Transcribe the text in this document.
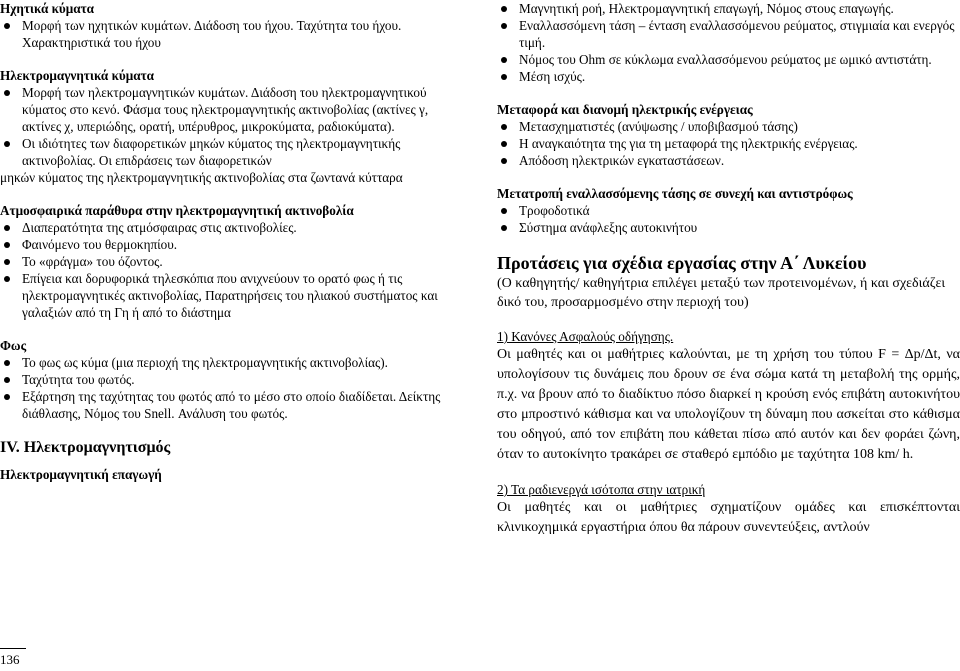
Ηχητικά κύματα

Μορφή των ηχητικών κυμάτων. Διάδοση του ήχου. Ταχύτητα του ήχου. Χαρακτηριστικά του ήχου

Ηλεκτρομαγνητικά κύματα

Μορφή των ηλεκτρομαγνητικών κυμάτων. Διάδοση του ηλεκτρομαγνητικού κύματος στο κενό. Φάσμα τους ηλεκτρομαγνητικής ακτινοβολίας (ακτίνες γ, ακτίνες χ, υπεριώδης, ορατή, υπέρυθρος, μικροκύματα, ραδιοκύματα).
Οι ιδιότητες των διαφορετικών μηκών κύματος της ηλεκτρομαγνητικής ακτινοβολίας. Οι επιδράσεις των διαφορετικών

μηκών κύματος της ηλεκτρομαγνητικής ακτινοβολίας στα ζωντανά κύτταρα

Ατμοσφαιρικά παράθυρα στην ηλεκτρομαγνητική ακτινοβολία

Διαπερατότητα της ατμόσφαιρας στις ακτινοβολίες.
Φαινόμενο του θερμοκηπίου.
Το «φράγμα» του όζοντος.
Επίγεια και δορυφορικά τηλεσκόπια που ανιχνεύουν το ορατό φως ή τις ηλεκτρομαγνητικές ακτινοβολίας, Παρατηρήσεις του ηλιακού συστήματος και γαλαξιών από τη Γη ή από το διάστημα

Φως

Το φως ως κύμα (μια περιοχή της ηλεκτρομαγνητικής ακτινοβολίας).
Ταχύτητα του φωτός.
Εξάρτηση της ταχύτητας του φωτός από το μέσο στο οποίο διαδίδεται. Δείκτης διάθλασης, Νόμος του Snell. Ανάλυση του φωτός.

IV. Ηλεκτρομαγνητισμός

Ηλεκτρομαγνητική επαγωγή

Μαγνητική ροή, Ηλεκτρομαγνητική επαγωγή, Νόμος στους επαγωγής.
Εναλλασσόμενη τάση – ένταση εναλλασσόμενου ρεύματος, στιγμιαία και ενεργός τιμή.
Νόμος του Ohm σε κύκλωμα εναλλασσόμενου ρεύματος με ωμικό αντιστάτη.
Μέση ισχύς.

Μεταφορά και διανομή ηλεκτρικής ενέργειας

Μετασχηματιστές (ανύψωσης / υποβιβασμού τάσης)
Η αναγκαιότητα της για τη μεταφορά της ηλεκτρικής ενέργειας.
Απόδοση ηλεκτρικών εγκαταστάσεων.

Μετατροπή εναλλασσόμενης τάσης σε συνεχή και αντιστρόφως

Τροφοδοτικά
Σύστημα ανάφλεξης αυτοκινήτου

Προτάσεις για σχέδια εργασίας στην Α΄ Λυκείου

(Ο καθηγητής/ καθηγήτρια επιλέγει μεταξύ των προτεινομένων, ή και σχεδιάζει δικό του, προσαρμοσμένο στην περιοχή του)

1) Κανόνες Ασφαλούς οδήγησης.

Οι μαθητές και οι μαθήτριες καλούνται, με τη χρήση του τύπου F = Δp/Δt, να υπολογίσουν τις δυνάμεις που δρουν σε ένα σώμα κατά τη μεταβολή της ορμής, π.χ. να βρουν από το διαδίκτυο πόσο διαρκεί η κρούση ενός επιβάτη αυτοκινήτου στο μπροστινό κάθισμα και να υπολογίζουν τη δύναμη που ασκείται στο κάθισμα του οδηγού, από τον επιβάτη που κάθεται πίσω από αυτόν και δεν φοράει ζώνη, όταν το αυτοκίνητο τρακάρει σε σταθερό εμπόδιο με ταχύτητα 108 km/ h.

2) Τα ραδιενεργά ισότοπα στην ιατρική

Οι μαθητές και οι μαθήτριες σχηματίζουν ομάδες και επισκέπτονται κλινικοχημικά εργαστήρια όπου θα πάρουν συνεντεύξεις, αντλούν

136
